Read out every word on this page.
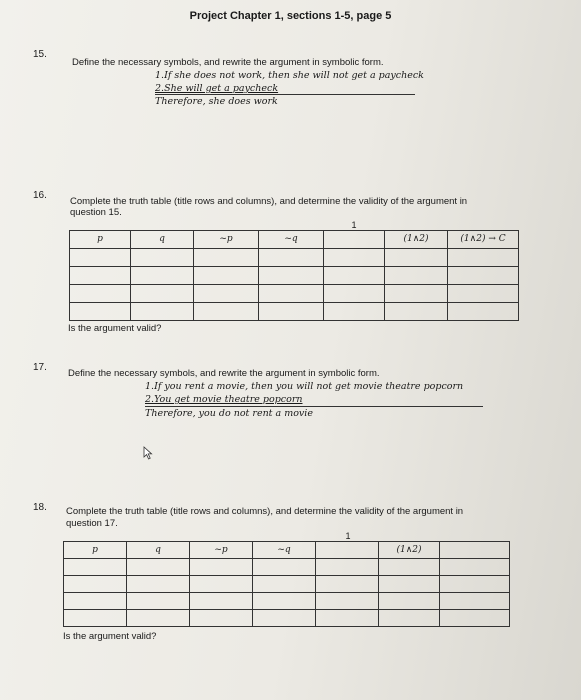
Project Chapter 1, sections 1-5, page 5
15.
Define the necessary symbols, and rewrite the argument in symbolic form.
1.If she does not work, then she will not get a paycheck
2.She will get a paycheck
Therefore, she does work
16.
Complete the truth table (title rows and columns), and determine the validity of the argument in
question 15.
1						
p	q	~p	~q		(1∧2)	(1∧2) → C

Is the argument valid?
17.
Define the necessary symbols, and rewrite the argument in symbolic form.
1.If you rent a movie, then you will not get movie theatre popcorn
2.You get movie theatre popcorn
Therefore, you do not rent a movie
18. Complete the truth table (title rows and columns), and determine the validity of the argument in
question 17.
1						
p	q	~p	~q		(1∧2)	

Is the argument valid?
